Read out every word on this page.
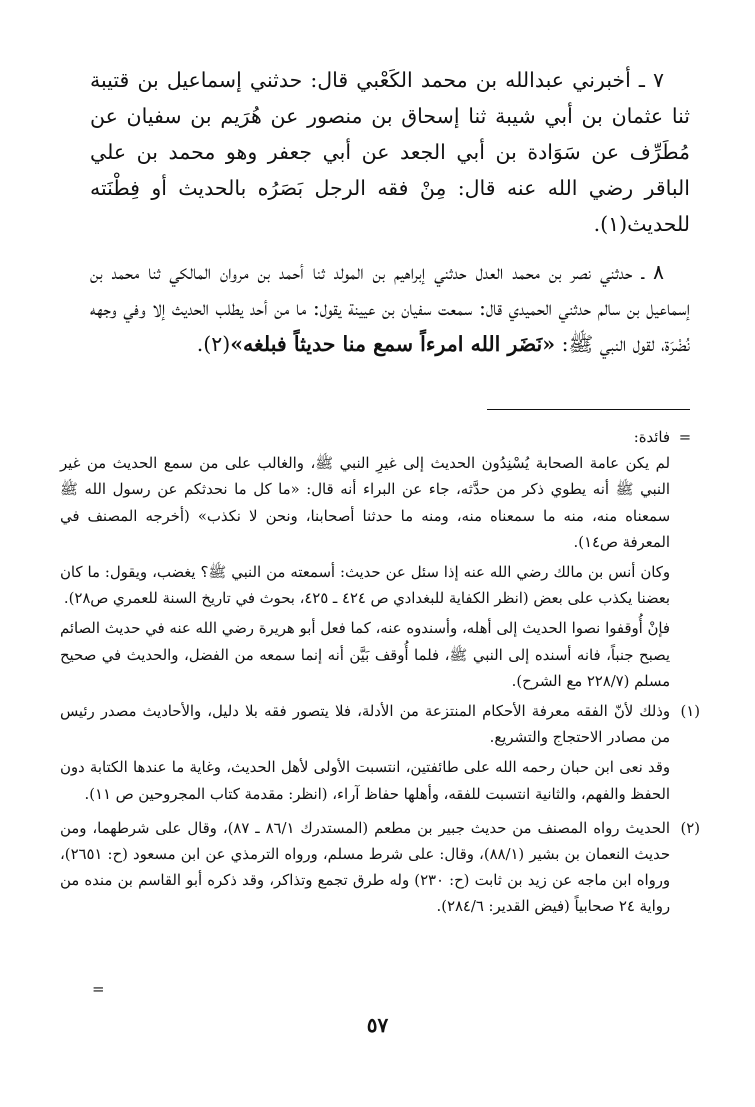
٧ ـ أخبرني عبدالله بن محمد الكَعْبي قال: حدثني إسماعيل بن قتيبة ثنا عثمان بن أبي شيبة ثنا إسحاق بن منصور عن هُرَيم بن سفيان عن مُطَرِّف عن سَوَادة بن أبي الجعد عن أبي جعفر وهو محمد بن علي الباقر رضي الله عنه قال: مِنْ فقه الرجل بَصَرُه بالحديث أو فِطْنَته للحديث(١).

٨ ـ حدثني نصر بن محمد العدل حدثني إبراهيم بن المولد ثنا أحمد بن مروان المالكي ثنا محمد بن إسماعيل بن سالم حدثني الحميدي قال: سمعت سفيان بن عيينة يقول: ما من أحد يطلب الحديث إلا وفي وجهه نُضْرَة، لقول النبي ﷺ: «نَضَر الله امرءاً سمع منا حديثاً فبلغه»(٢).

=فائدة:

لم يكن عامة الصحابة يُسْنِدُون الحديث إلى غيرِ النبي ﷺ، والغالب على من سمع الحديث من غير النبي ﷺ أنه يطوي ذكر من حدَّثه، جاء عن البراء أنه قال: «ما كل ما نحدثكم عن رسول الله ﷺ سمعناه منه، منه ما سمعناه منه، ومنه ما حدثنا أصحابنا، ونحن لا نكذب» (أخرجه المصنف في المعرفة ص١٤).

وكان أنس بن مالك رضي الله عنه إذا سئل عن حديث: أسمعته من النبي ﷺ؟ يغضب، ويقول: ما كان بعضنا يكذب على بعض (انظر الكفاية للبغدادي ص ٤٢٤ ـ ٤٢٥، بحوث في تاريخ السنة للعمري ص٢٨).

فإنْ أُوقفوا نصوا الحديث إلى أهله، وأسندوه عنه، كما فعل أبو هريرة رضي الله عنه في حديث الصائم يصبح جنباً، فانه أسنده إلى النبي ﷺ، فلما أُوقف بَيَّن أنه إنما سمعه من الفضل، والحديث في صحيح مسلم (٢٢٨/٧ مع الشرح).

(١)

وذلك لأنّ الفقه معرفة الأحكام المنتزعة من الأدلة، فلا يتصور فقه بلا دليل، والأحاديث مصدر رئيس من مصادر الاحتجاج والتشريع.

وقد نعى ابن حبان رحمه الله على طائفتين، انتسبت الأولى لأهل الحديث، وغاية ما عندها الكتابة دون الحفظ والفهم، والثانية انتسبت للفقه، وأهلها حفاظ آراء، (انظر: مقدمة كتاب المجروحين ص ١١).

(٢)

الحديث رواه المصنف من حديث جبير بن مطعم (المستدرك ٨٦/١ ـ ٨٧)، وقال على شرطهما، ومن حديث النعمان بن بشير (٨٨/١)، وقال: على شرط مسلم، ورواه الترمذي عن ابن مسعود (ح: ٢٦٥١)، ورواه ابن ماجه عن زيد بن ثابت (ح: ٢٣٠) وله طرق تجمع وتذاكر، وقد ذكره أبو القاسم بن منده من رواية ٢٤ صحابياً (فيض القدير: ٢٨٤/٦).

=
٥٧
